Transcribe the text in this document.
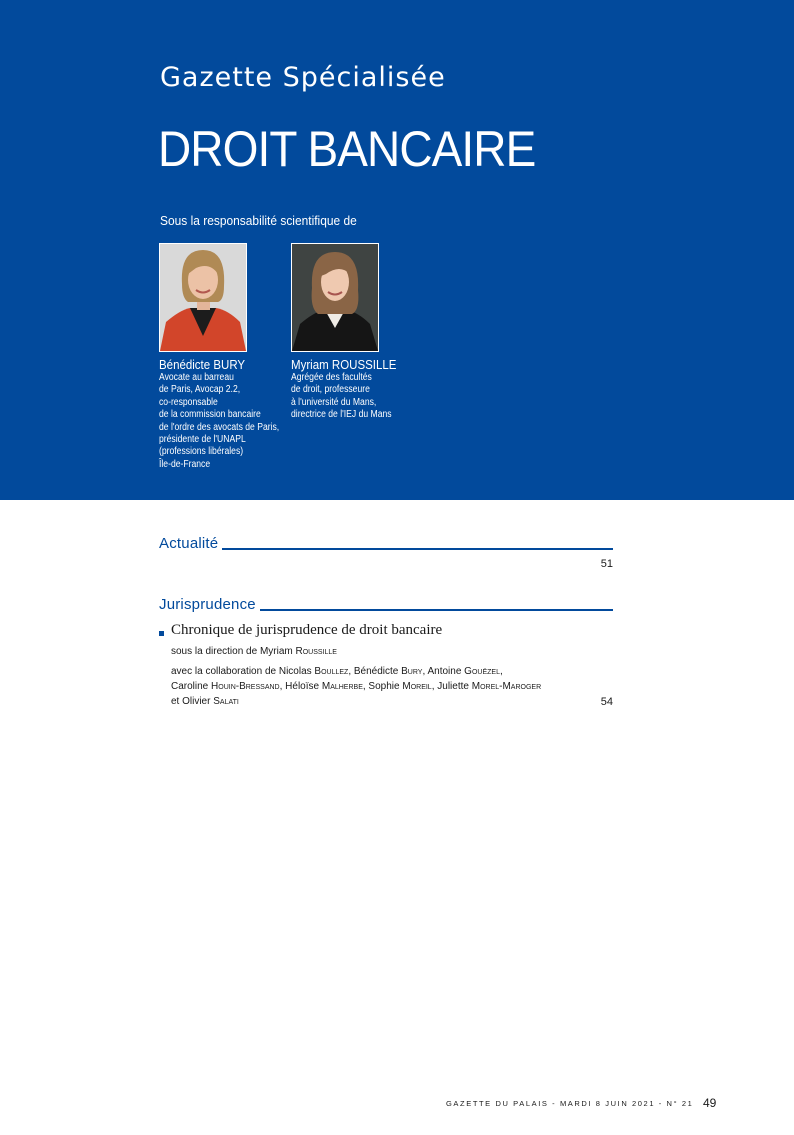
Gazette Spécialisée
DROIT BANCAIRE
Sous la responsabilité scientifique de
Bénédicte BURY
Avocate au barreau
de Paris, Avocap 2.2,
co-responsable
de la commission bancaire
de l'ordre des avocats de Paris,
présidente de l'UNAPL
(professions libérales)
Île-de-France
Myriam ROUSSILLE
Agrégée des facultés
de droit, professeure
à l'université du Mans,
directrice de l'IEJ du Mans
Actualité
51
Jurisprudence
Chronique de jurisprudence de droit bancaire
sous la direction de Myriam Roussille
avec la collaboration de Nicolas Boullez, Bénédicte Bury, Antoine Gouëzel,
Caroline Houin-Bressand, Héloïse Malherbe, Sophie Moreil, Juliette Morel-Maroger
et Olivier Salati	54
GAZETTE DU PALAIS - MARDI 8 JUIN 2021 - N° 21 49
